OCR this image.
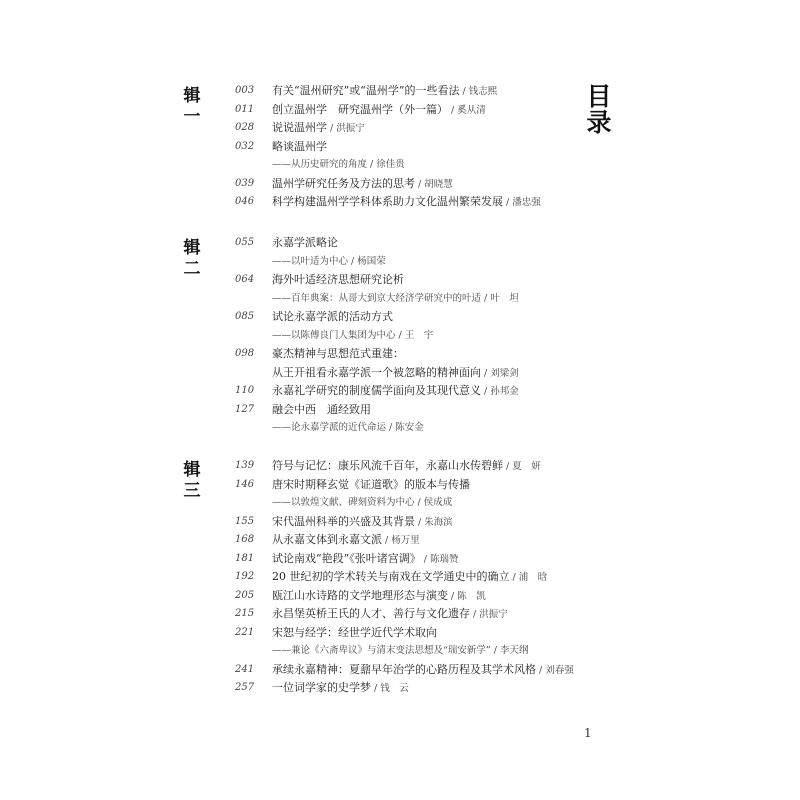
目
录
辑
一
辑
二
辑
三
003 有关“温州研究”或“温州学”的一些看法 / 钱志熙
011 创立温州学　研究温州学（外一篇） / 奚从清
028 说说温州学 / 洪振宁
032 略谈温州学
——从历史研究的角度 / 徐佳贵
039 温州学研究任务及方法的思考 / 胡晓慧
046 科学构建温州学学科体系助力文化温州繁荣发展 / 潘忠强
055 永嘉学派略论
——以叶适为中心 / 杨国荣
064 海外叶适经济思想研究论析
——百年典案：从哥大到京大经济学研究中的叶适 / 叶　坦
085 试论永嘉学派的活动方式
——以陈傅良门人集团为中心 / 王　宇
098 豪杰精神与思想范式重建：
从王开祖看永嘉学派一个被忽略的精神面向 / 刘梁剑
110 永嘉礼学研究的制度儒学面向及其现代意义 / 孙邦金
127 融会中西　通经致用
——论永嘉学派的近代命运 / 陈安金
139 符号与记忆：康乐风流千百年，永嘉山水传碧鲜 / 夏　妍
146 唐宋时期释玄觉《证道歌》的版本与传播
——以敦煌文献、碑刻资料为中心 / 侯成成
155 宋代温州科举的兴盛及其背景 / 朱海滨
168 从永嘉文体到永嘉文派 / 杨万里
181 试论南戏“艳段”《张叶诸宫调》 / 陈瑞赞
192 20 世纪初的学术转关与南戏在文学通史中的确立 / 浦　晗
205 瓯江山水诗路的文学地理形态与演变 / 陈　凯
215 永昌堡英桥王氏的人才、善行与文化遗存 / 洪振宁
221 宋恕与经学：经世学近代学术取向
——兼论《六斋卑议》与清末变法思想及“瑞安新学” / 李天纲
241 承续永嘉精神：夏鼐早年治学的心路历程及其学术风格 / 刘春强
257 一位词学家的史学梦 / 钱　云
1
